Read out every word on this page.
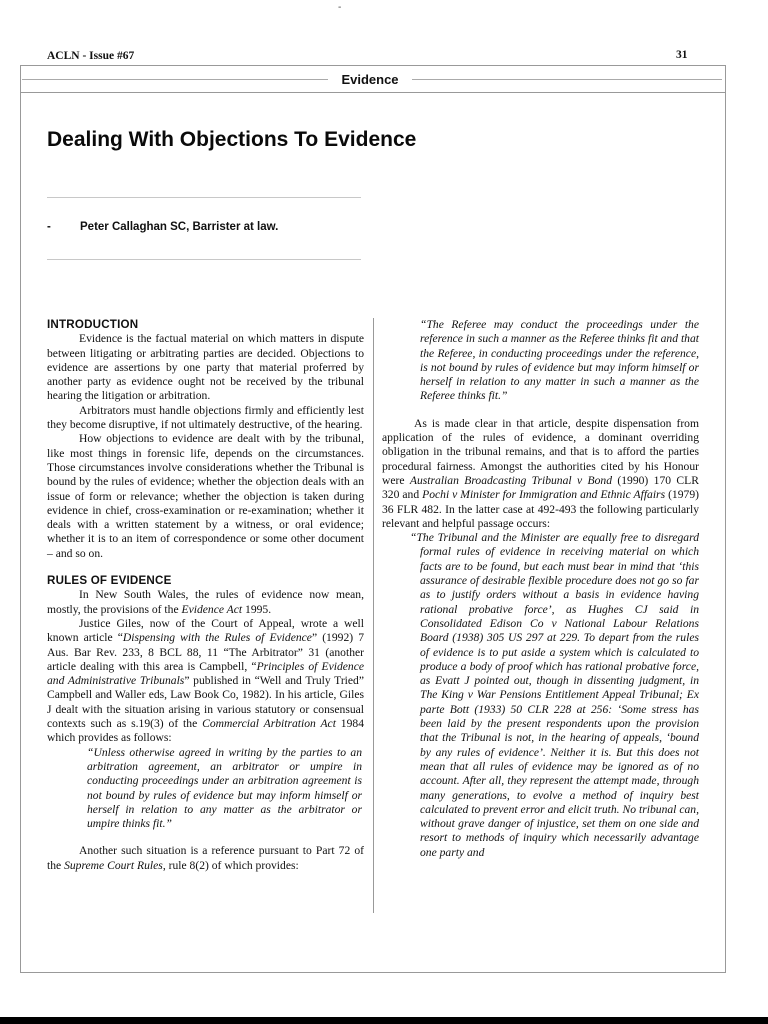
-
ACLN - Issue #67	31
Evidence
Dealing With Objections To Evidence
-	Peter Callaghan SC, Barrister at law.
INTRODUCTION

Evidence is the factual material on which matters in dispute between litigating or arbitrating parties are decided. Objections to evidence are assertions by one party that material proferred by another party as evidence ought not be received by the tribunal hearing the litigation or arbitration.

Arbitrators must handle objections firmly and efficiently lest they become disruptive, if not ultimately destructive, of the hearing.

How objections to evidence are dealt with by the tribunal, like most things in forensic life, depends on the circumstances. Those circumstances involve considerations whether the Tribunal is bound by the rules of evidence; whether the objection deals with an issue of form or relevance; whether the objection is taken during evidence in chief, cross-examination or re-examination; whether it deals with a written statement by a witness, or oral evidence; whether it is to an item of correspondence or some other document – and so on.

RULES OF EVIDENCE

In New South Wales, the rules of evidence now mean, mostly, the provisions of the Evidence Act 1995.

Justice Giles, now of the Court of Appeal, wrote a well known article “Dispensing with the Rules of Evidence” (1992) 7 Aus. Bar Rev. 233, 8 BCL 88, 11 “The Arbitrator” 31 (another article dealing with this area is Campbell, “Principles of Evidence and Administrative Tribunals” published in “Well and Truly Tried” Campbell and Waller eds, Law Book Co, 1982). In his article, Giles J dealt with the situation arising in various statutory or consensual contexts such as s.19(3) of the Commercial Arbitration Act 1984 which provides as follows:

“Unless otherwise agreed in writing by the parties to an arbitration agreement, an arbitrator or umpire in conducting proceedings under an arbitration agreement is not bound by rules of evidence but may inform himself or herself in relation to any matter as the arbitrator or umpire thinks fit.”

Another such situation is a reference pursuant to Part 72 of the Supreme Court Rules, rule 8(2) of which provides:

“The Referee may conduct the proceedings under the reference in such a manner as the Referee thinks fit and that the Referee, in conducting proceedings under the reference, is not bound by rules of evidence but may inform himself or herself in relation to any matter in such a manner as the Referee thinks fit.”

As is made clear in that article, despite dispensation from application of the rules of evidence, a dominant overriding obligation in the tribunal remains, and that is to afford the parties procedural fairness. Amongst the authorities cited by his Honour were Australian Broadcasting Tribunal v Bond (1990) 170 CLR 320 and Pochi v Minister for Immigration and Ethnic Affairs (1979) 36 FLR 482. In the latter case at 492-493 the following particularly relevant and helpful passage occurs:

“The Tribunal and the Minister are equally free to disregard formal rules of evidence in receiving material on which facts are to be found, but each must bear in mind that ‘this assurance of desirable flexible procedure does not go so far as to justify orders without a basis in evidence having rational probative force’, as Hughes CJ said in Consolidated Edison Co v National Labour Relations Board (1938) 305 US 297 at 229. To depart from the rules of evidence is to put aside a system which is calculated to produce a body of proof which has rational probative force, as Evatt J pointed out, though in dissenting judgment, in The King v War Pensions Entitlement Appeal Tribunal; Ex parte Bott (1933) 50 CLR 228 at 256: ‘Some stress has been laid by the present respondents upon the provision that the Tribunal is not, in the hearing of appeals, ‘bound by any rules of evidence’. Neither it is. But this does not mean that all rules of evidence may be ignored as of no account. After all, they represent the attempt made, through many generations, to evolve a method of inquiry best calculated to prevent error and elicit truth. No tribunal can, without grave danger of injustice, set them on one side and resort to methods of inquiry which necessarily advantage one party and
